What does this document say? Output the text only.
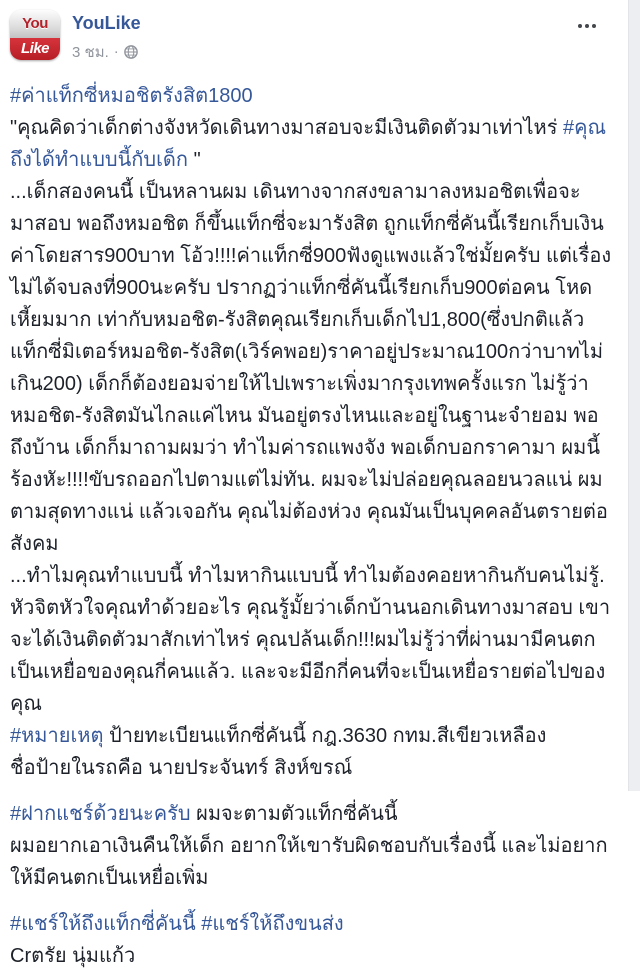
You
Like
YouLike
3 ชม. ·
#ค่าแท็กซี่หมอชิตรังสิต1800
"คุณคิดว่าเด็กต่างจังหวัดเดินทางมาสอบจะมีเงินติดตัวมาเท่าไหร่ #คุณถึงได้ทำแบบนี้กับเด็ก "
...เด็กสองคนนี้ เป็นหลานผม เดินทางจากสงขลามาลงหมอชิตเพื่อจะมาสอบ พอถึงหมอชิต ก็ขึ้นแท็กซี่จะมารังสิต ถูกแท็กซี่คันนี้เรียกเก็บเงินค่าโดยสาร900บาท โอ้ว!!!!ค่าแท็กซี่900ฟังดูแพงแล้วใช่มั้ยครับ แต่เรื่องไม่ได้จบลงที่900นะครับ ปรากฏว่าแท็กซี่คันนี้เรียกเก็บ900ต่อคน โหดเหี้ยมมาก เท่ากับหมอชิต-รังสิตคุณเรียกเก็บเด็กไป1,800(ซึ่งปกติแล้วแท็กซี่มิเตอร์หมอชิต-รังสิต(เวิร์คพอย)ราคาอยู่ประมาณ100กว่าบาทไม่เกิน200) เด็กก็ต้องยอมจ่ายให้ไปเพราะเพิ่งมากรุงเทพครั้งแรก ไม่รู้ว่าหมอชิต-รังสิตมันไกลแค่ไหน มันอยู่ตรงไหนและอยู่ในฐานะจำยอม พอถึงบ้าน เด็กก็มาถามผมว่า ทำไมค่ารถแพงจัง พอเด็กบอกราคามา ผมนี้ร้องหัะ!!!!ขับรถออกไปตามแต่ไม่ทัน. ผมจะไม่ปล่อยคุณลอยนวลแน่ ผมตามสุดทางแน่ แล้วเจอกัน คุณไม่ต้องห่วง คุณมันเป็นบุคคลอันตรายต่อสังคม
...ทำไมคุณทำแบบนี้ ทำไมหากินแบบนี้ ทำไมต้องคอยหากินกับคนไม่รู้. หัวจิตหัวใจคุณทำด้วยอะไร คุณรู้มั้ยว่าเด็กบ้านนอกเดินทางมาสอบ เขาจะได้เงินติดตัวมาสักเท่าไหร่ คุณปล้นเด็ก!!!ผมไม่รู้ว่าที่ผ่านมามีคนตกเป็นเหยื่อของคุณกี่คนแล้ว. และจะมีอีกกี่คนที่จะเป็นเหยื่อรายต่อไปของคุณ
#หมายเหตุ ป้ายทะเบียนแท็กซี่คันนี้ กฎ.3630 กทม.สีเขียวเหลือง
ชื่อป้ายในรถคือ นายประจันทร์ สิงห์ขรณ์
#ฝากแชร์ด้วยนะครับ ผมจะตามตัวแท็กซี่คันนี้
ผมอยากเอาเงินคืนให้เด็ก อยากให้เขารับผิดชอบกับเรื่องนี้ และไม่อยากให้มีคนตกเป็นเหยื่อเพิ่ม
#แชร์ให้ถึงแท็กซี่คันนี้ #แชร์ให้ถึงขนส่ง
Crตรัย นุ่มแก้ว
